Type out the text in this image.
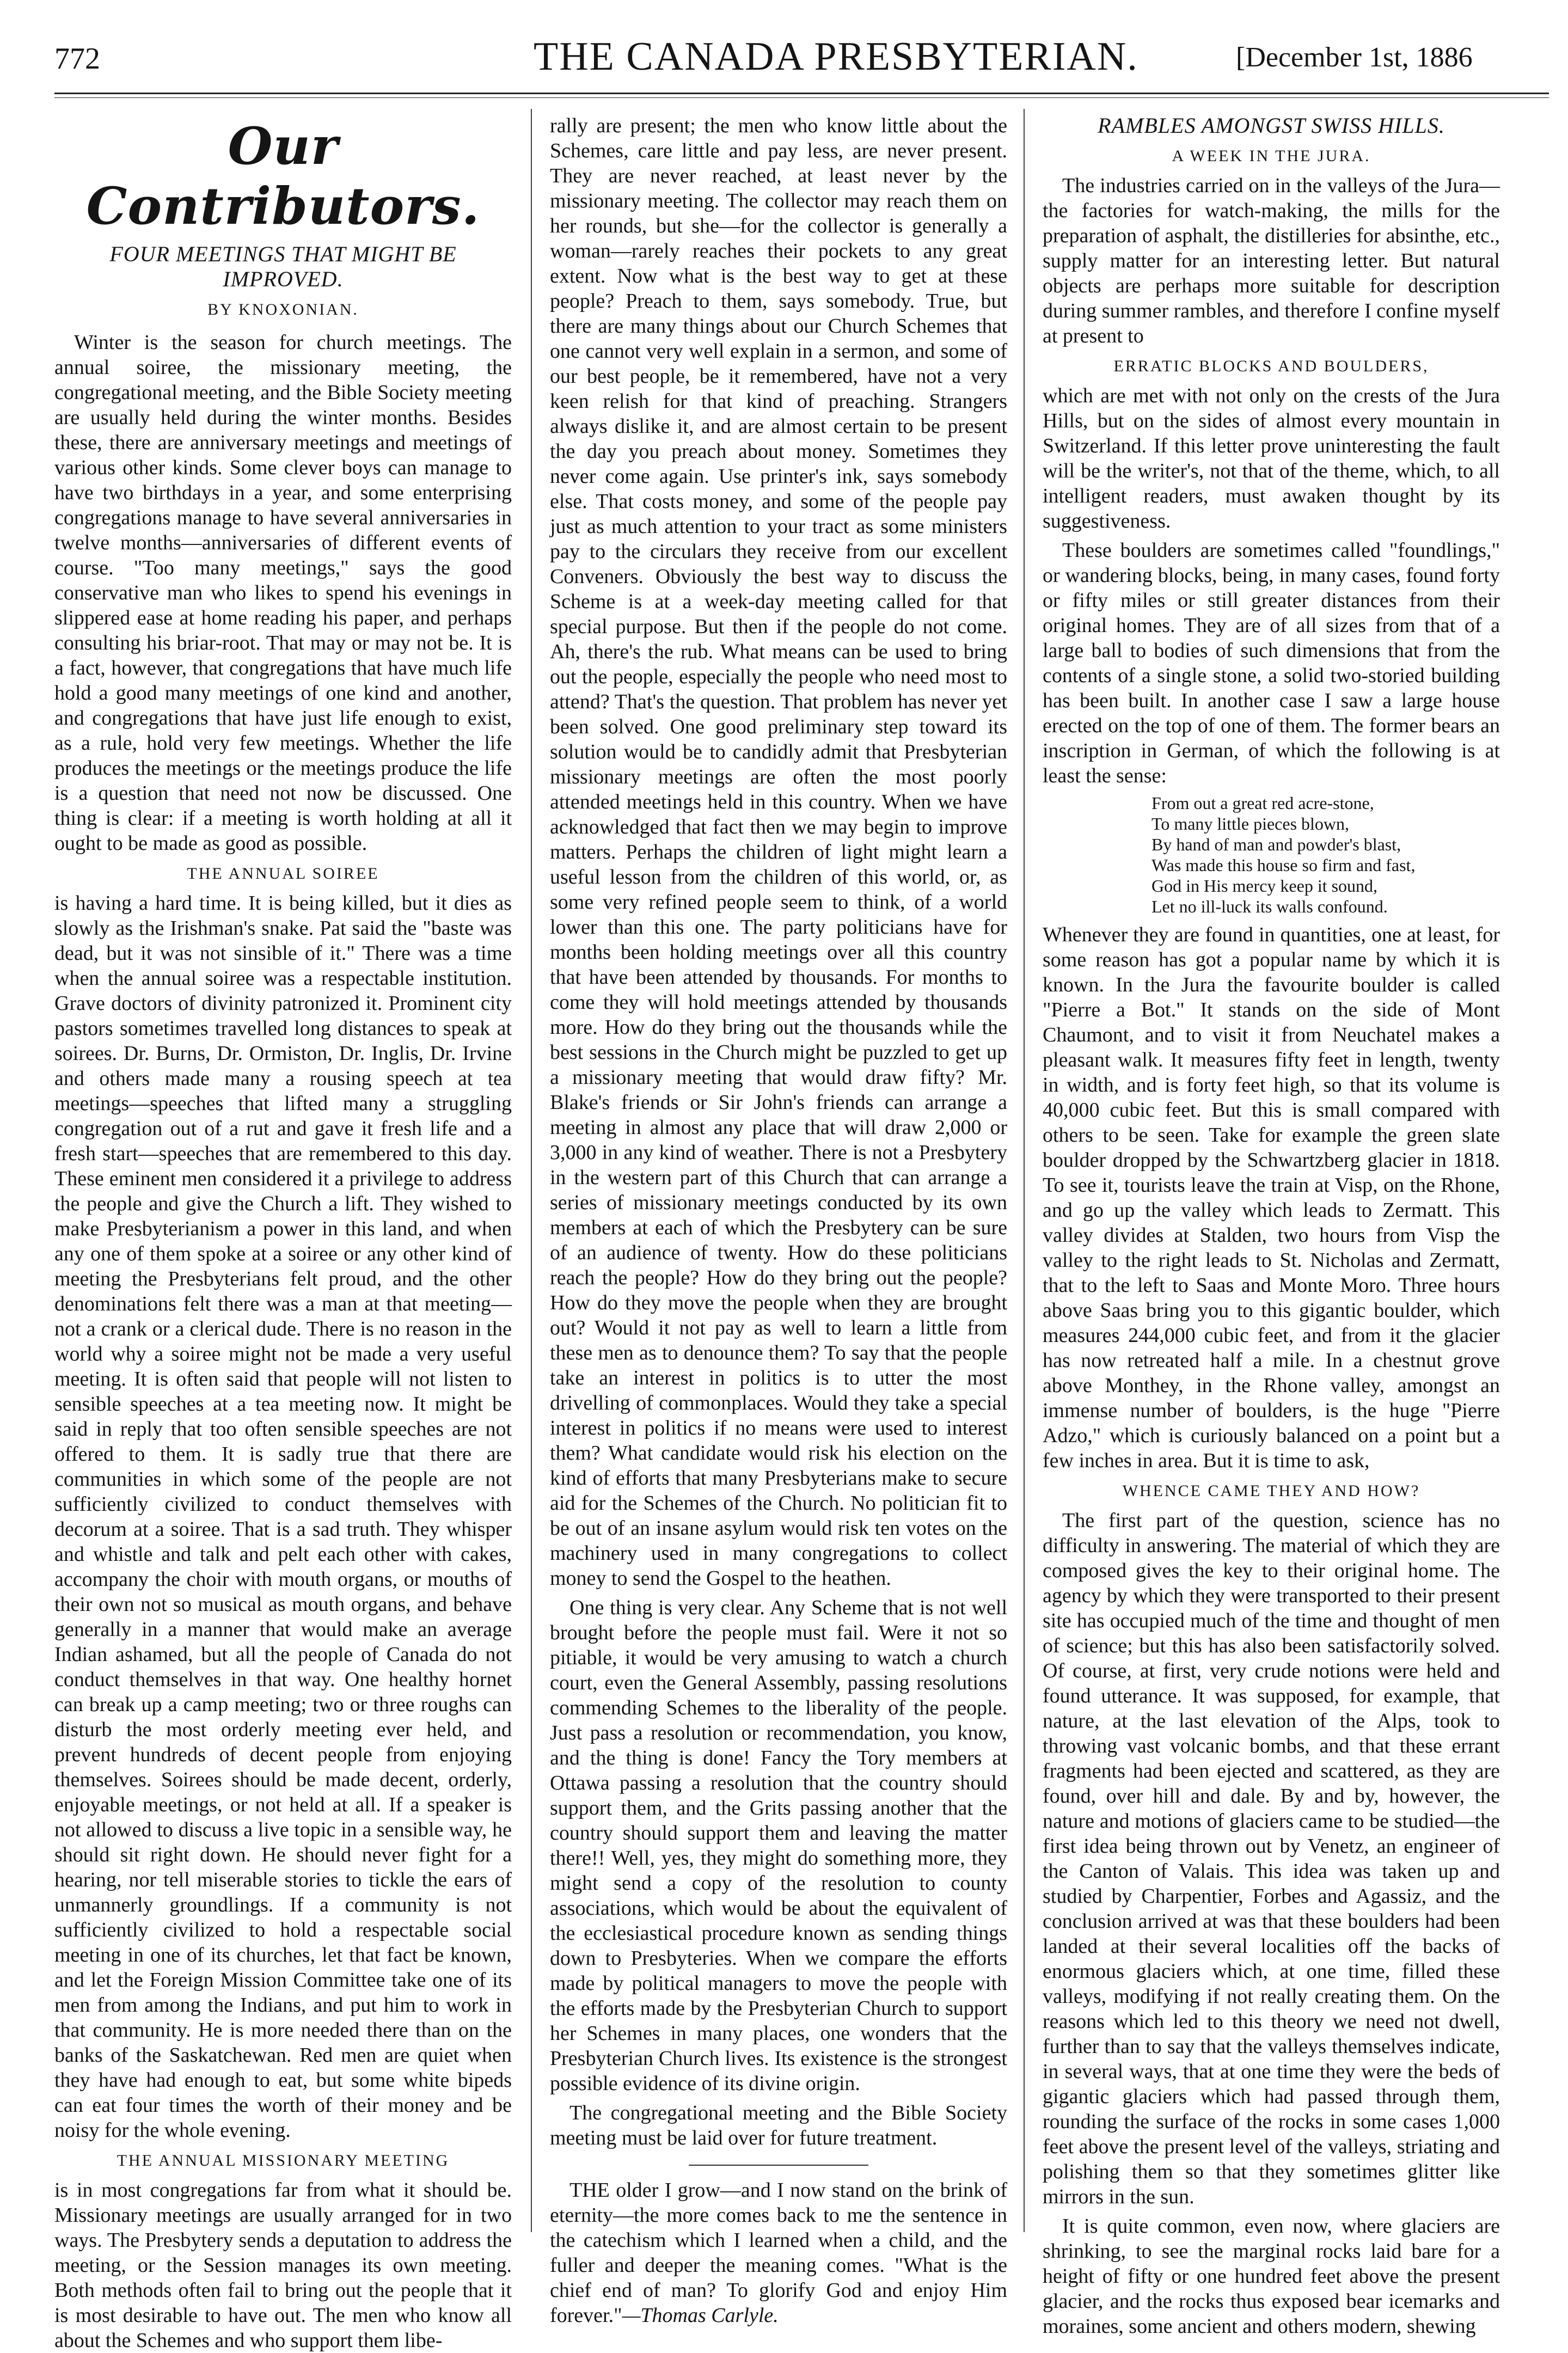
772	THE CANADA PRESBYTERIAN.	[December 1st, 1886
Our Contributors.
FOUR MEETINGS THAT MIGHT BE IMPROVED.
BY KNOXONIAN.

Winter is the season for church meetings. The annual soiree, the missionary meeting, the congregational meeting, and the Bible Society meeting are usually held during the winter months. Besides these, there are anniversary meetings and meetings of various other kinds. Some clever boys can manage to have two birthdays in a year, and some enterprising congregations manage to have several anniversaries in twelve months—anniversaries of different events of course. "Too many meetings," says the good conservative man who likes to spend his evenings in slippered ease at home reading his paper, and perhaps consulting his briar-root. That may or may not be. It is a fact, however, that congregations that have much life hold a good many meetings of one kind and another, and congregations that have just life enough to exist, as a rule, hold very few meetings. Whether the life produces the meetings or the meetings produce the life is a question that need not now be discussed. One thing is clear: if a meeting is worth holding at all it ought to be made as good as possible.

THE ANNUAL SOIREE

is having a hard time. It is being killed, but it dies as slowly as the Irishman's snake. Pat said the "baste was dead, but it was not sinsible of it." There was a time when the annual soiree was a respectable institution. Grave doctors of divinity patronized it. Prominent city pastors sometimes travelled long distances to speak at soirees. Dr. Burns, Dr. Ormiston, Dr. Inglis, Dr. Irvine and others made many a rousing speech at tea meetings—speeches that lifted many a struggling congregation out of a rut and gave it fresh life and a fresh start—speeches that are remembered to this day. These eminent men considered it a privilege to address the people and give the Church a lift. They wished to make Presbyterianism a power in this land, and when any one of them spoke at a soiree or any other kind of meeting the Presbyterians felt proud, and the other denominations felt there was a man at that meeting—not a crank or a clerical dude. There is no reason in the world why a soiree might not be made a very useful meeting. It is often said that people will not listen to sensible speeches at a tea meeting now. It might be said in reply that too often sensible speeches are not offered to them. It is sadly true that there are communities in which some of the people are not sufficiently civilized to conduct themselves with decorum at a soiree. That is a sad truth. They whisper and whistle and talk and pelt each other with cakes, accompany the choir with mouth organs, or mouths of their own not so musical as mouth organs, and behave generally in a manner that would make an average Indian ashamed, but all the people of Canada do not conduct themselves in that way. One healthy hornet can break up a camp meeting; two or three roughs can disturb the most orderly meeting ever held, and prevent hundreds of decent people from enjoying themselves. Soirees should be made decent, orderly, enjoyable meetings, or not held at all. If a speaker is not allowed to discuss a live topic in a sensible way, he should sit right down. He should never fight for a hearing, nor tell miserable stories to tickle the ears of unmannerly groundlings. If a community is not sufficiently civilized to hold a respectable social meeting in one of its churches, let that fact be known, and let the Foreign Mission Committee take one of its men from among the Indians, and put him to work in that community. He is more needed there than on the banks of the Saskatchewan. Red men are quiet when they have had enough to eat, but some white bipeds can eat four times the worth of their money and be noisy for the whole evening.

THE ANNUAL MISSIONARY MEETING

is in most congregations far from what it should be. Missionary meetings are usually arranged for in two ways. The Presbytery sends a deputation to address the meeting, or the Session manages its own meeting. Both methods often fail to bring out the people that it is most desirable to have out. The men who know all about the Schemes and who support them libe-

rally are present; the men who know little about the Schemes, care little and pay less, are never present. They are never reached, at least never by the missionary meeting. The collector may reach them on her rounds, but she—for the collector is generally a woman—rarely reaches their pockets to any great extent. Now what is the best way to get at these people? Preach to them, says somebody. True, but there are many things about our Church Schemes that one cannot very well explain in a sermon, and some of our best people, be it remembered, have not a very keen relish for that kind of preaching. Strangers always dislike it, and are almost certain to be present the day you preach about money. Sometimes they never come again. Use printer's ink, says somebody else. That costs money, and some of the people pay just as much attention to your tract as some ministers pay to the circulars they receive from our excellent Conveners. Obviously the best way to discuss the Scheme is at a week-day meeting called for that special purpose. But then if the people do not come. Ah, there's the rub. What means can be used to bring out the people, especially the people who need most to attend? That's the question. That problem has never yet been solved. One good preliminary step toward its solution would be to candidly admit that Presbyterian missionary meetings are often the most poorly attended meetings held in this country. When we have acknowledged that fact then we may begin to improve matters. Perhaps the children of light might learn a useful lesson from the children of this world, or, as some very refined people seem to think, of a world lower than this one. The party politicians have for months been holding meetings over all this country that have been attended by thousands. For months to come they will hold meetings attended by thousands more. How do they bring out the thousands while the best sessions in the Church might be puzzled to get up a missionary meeting that would draw fifty? Mr. Blake's friends or Sir John's friends can arrange a meeting in almost any place that will draw 2,000 or 3,000 in any kind of weather. There is not a Presbytery in the western part of this Church that can arrange a series of missionary meetings conducted by its own members at each of which the Presbytery can be sure of an audience of twenty. How do these politicians reach the people? How do they bring out the people? How do they move the people when they are brought out? Would it not pay as well to learn a little from these men as to denounce them? To say that the people take an interest in politics is to utter the most drivelling of commonplaces. Would they take a special interest in politics if no means were used to interest them? What candidate would risk his election on the kind of efforts that many Presbyterians make to secure aid for the Schemes of the Church. No politician fit to be out of an insane asylum would risk ten votes on the machinery used in many congregations to collect money to send the Gospel to the heathen.

One thing is very clear. Any Scheme that is not well brought before the people must fail. Were it not so pitiable, it would be very amusing to watch a church court, even the General Assembly, passing resolutions commending Schemes to the liberality of the people. Just pass a resolution or recommendation, you know, and the thing is done! Fancy the Tory members at Ottawa passing a resolution that the country should support them, and the Grits passing another that the country should support them and leaving the matter there!! Well, yes, they might do something more, they might send a copy of the resolution to county associations, which would be about the equivalent of the ecclesiastical procedure known as sending things down to Presbyteries. When we compare the efforts made by political managers to move the people with the efforts made by the Presbyterian Church to support her Schemes in many places, one wonders that the Presbyterian Church lives. Its existence is the strongest possible evidence of its divine origin.

The congregational meeting and the Bible Society meeting must be laid over for future treatment.

THE older I grow—and I now stand on the brink of eternity—the more comes back to me the sentence in the catechism which I learned when a child, and the fuller and deeper the meaning comes. "What is the chief end of man? To glorify God and enjoy Him forever."—Thomas Carlyle.

RAMBLES AMONGST SWISS HILLS.
A WEEK IN THE JURA.

The industries carried on in the valleys of the Jura—the factories for watch-making, the mills for the preparation of asphalt, the distilleries for absinthe, etc., supply matter for an interesting letter. But natural objects are perhaps more suitable for description during summer rambles, and therefore I confine myself at present to

ERRATIC BLOCKS AND BOULDERS,

which are met with not only on the crests of the Jura Hills, but on the sides of almost every mountain in Switzerland. If this letter prove uninteresting the fault will be the writer's, not that of the theme, which, to all intelligent readers, must awaken thought by its suggestiveness.

These boulders are sometimes called "foundlings," or wandering blocks, being, in many cases, found forty or fifty miles or still greater distances from their original homes. They are of all sizes from that of a large ball to bodies of such dimensions that from the contents of a single stone, a solid two-storied building has been built. In another case I saw a large house erected on the top of one of them. The former bears an inscription in German, of which the following is at least the sense:

From out a great red acre-stone,
To many little pieces blown,
By hand of man and powder's blast,
Was made this house so firm and fast,
God in His mercy keep it sound,
Let no ill-luck its walls confound.

Whenever they are found in quantities, one at least, for some reason has got a popular name by which it is known. In the Jura the favourite boulder is called "Pierre a Bot." It stands on the side of Mont Chaumont, and to visit it from Neuchatel makes a pleasant walk. It measures fifty feet in length, twenty in width, and is forty feet high, so that its volume is 40,000 cubic feet. But this is small compared with others to be seen. Take for example the green slate boulder dropped by the Schwartzberg glacier in 1818. To see it, tourists leave the train at Visp, on the Rhone, and go up the valley which leads to Zermatt. This valley divides at Stalden, two hours from Visp the valley to the right leads to St. Nicholas and Zermatt, that to the left to Saas and Monte Moro. Three hours above Saas bring you to this gigantic boulder, which measures 244,000 cubic feet, and from it the glacier has now retreated half a mile. In a chestnut grove above Monthey, in the Rhone valley, amongst an immense number of boulders, is the huge "Pierre Adzo," which is curiously balanced on a point but a few inches in area. But it is time to ask,

WHENCE CAME THEY AND HOW?

The first part of the question, science has no difficulty in answering. The material of which they are composed gives the key to their original home. The agency by which they were transported to their present site has occupied much of the time and thought of men of science; but this has also been satisfactorily solved. Of course, at first, very crude notions were held and found utterance. It was supposed, for example, that nature, at the last elevation of the Alps, took to throwing vast volcanic bombs, and that these errant fragments had been ejected and scattered, as they are found, over hill and dale. By and by, however, the nature and motions of glaciers came to be studied—the first idea being thrown out by Venetz, an engineer of the Canton of Valais. This idea was taken up and studied by Charpentier, Forbes and Agassiz, and the conclusion arrived at was that these boulders had been landed at their several localities off the backs of enormous glaciers which, at one time, filled these valleys, modifying if not really creating them. On the reasons which led to this theory we need not dwell, further than to say that the valleys themselves indicate, in several ways, that at one time they were the beds of gigantic glaciers which had passed through them, rounding the surface of the rocks in some cases 1,000 feet above the present level of the valleys, striating and polishing them so that they sometimes glitter like mirrors in the sun.

It is quite common, even now, where glaciers are shrinking, to see the marginal rocks laid bare for a height of fifty or one hundred feet above the present glacier, and the rocks thus exposed bear icemarks and moraines, some ancient and others modern, shewing
